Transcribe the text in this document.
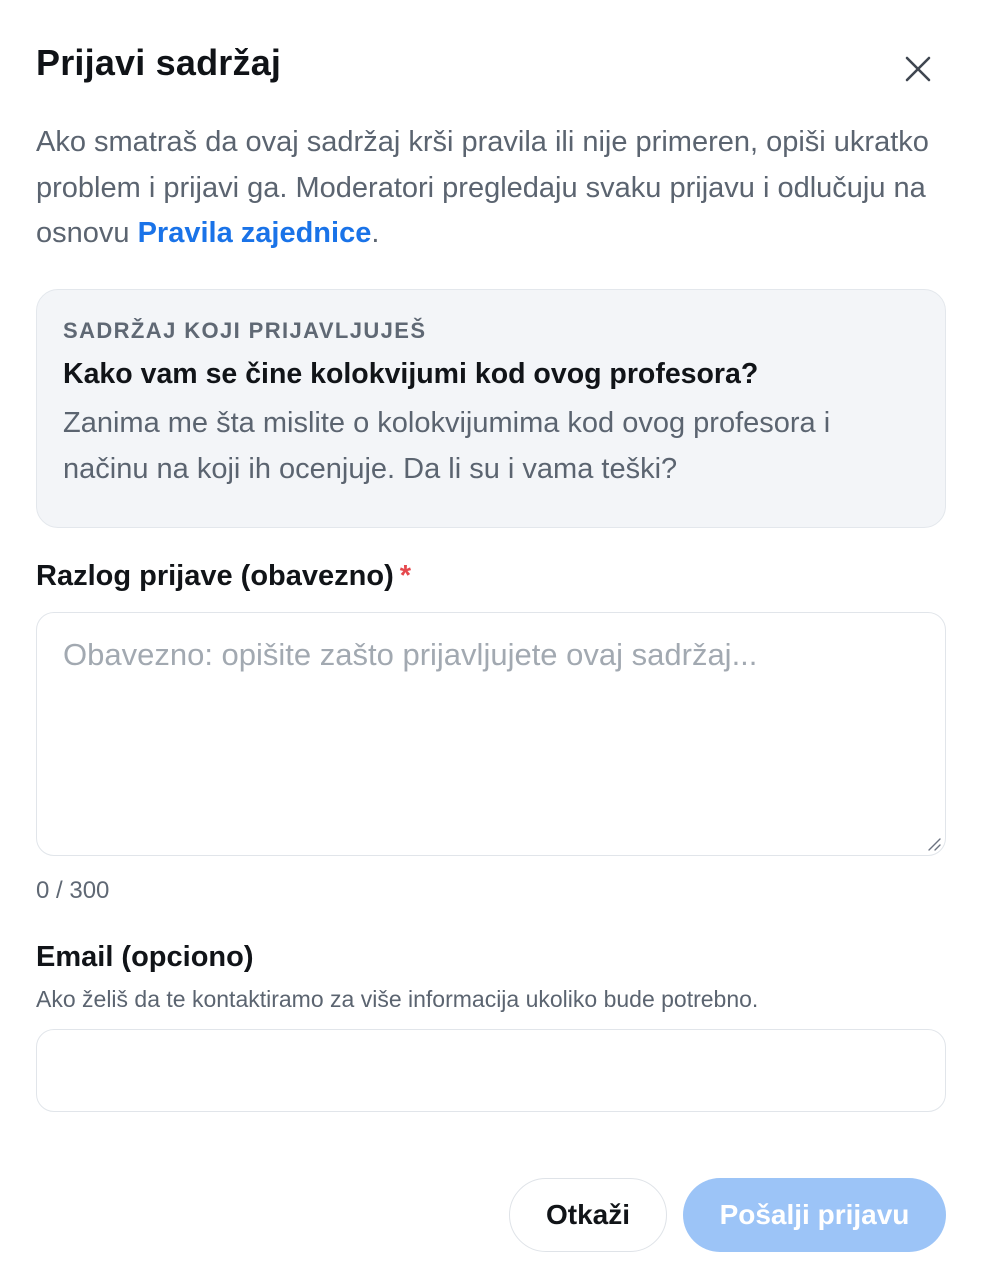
Prijavi sadržaj

Ako smatraš da ovaj sadržaj krši pravila ili nije primeren, opiši ukratko problem i prijavi ga. Moderatori pregledaju svaku prijavu i odlučuju na osnovu Pravila zajednice.

SADRŽAJ KOJI PRIJAVLJUJEŠ
Kako vam se čine kolokvijumi kod ovog profesora?
Zanima me šta mislite o kolokvijumima kod ovog profesora i načinu na koji ih ocenjuje. Da li su i vama teški?
Razlog prijave (obavezno) *
Obavezno: opišite zašto prijavljujete ovaj sadržaj...
0 / 300
Email (opciono)
Ako želiš da te kontaktiramo za više informacija ukoliko bude potrebno.
Otkaži	Pošalji prijavu
